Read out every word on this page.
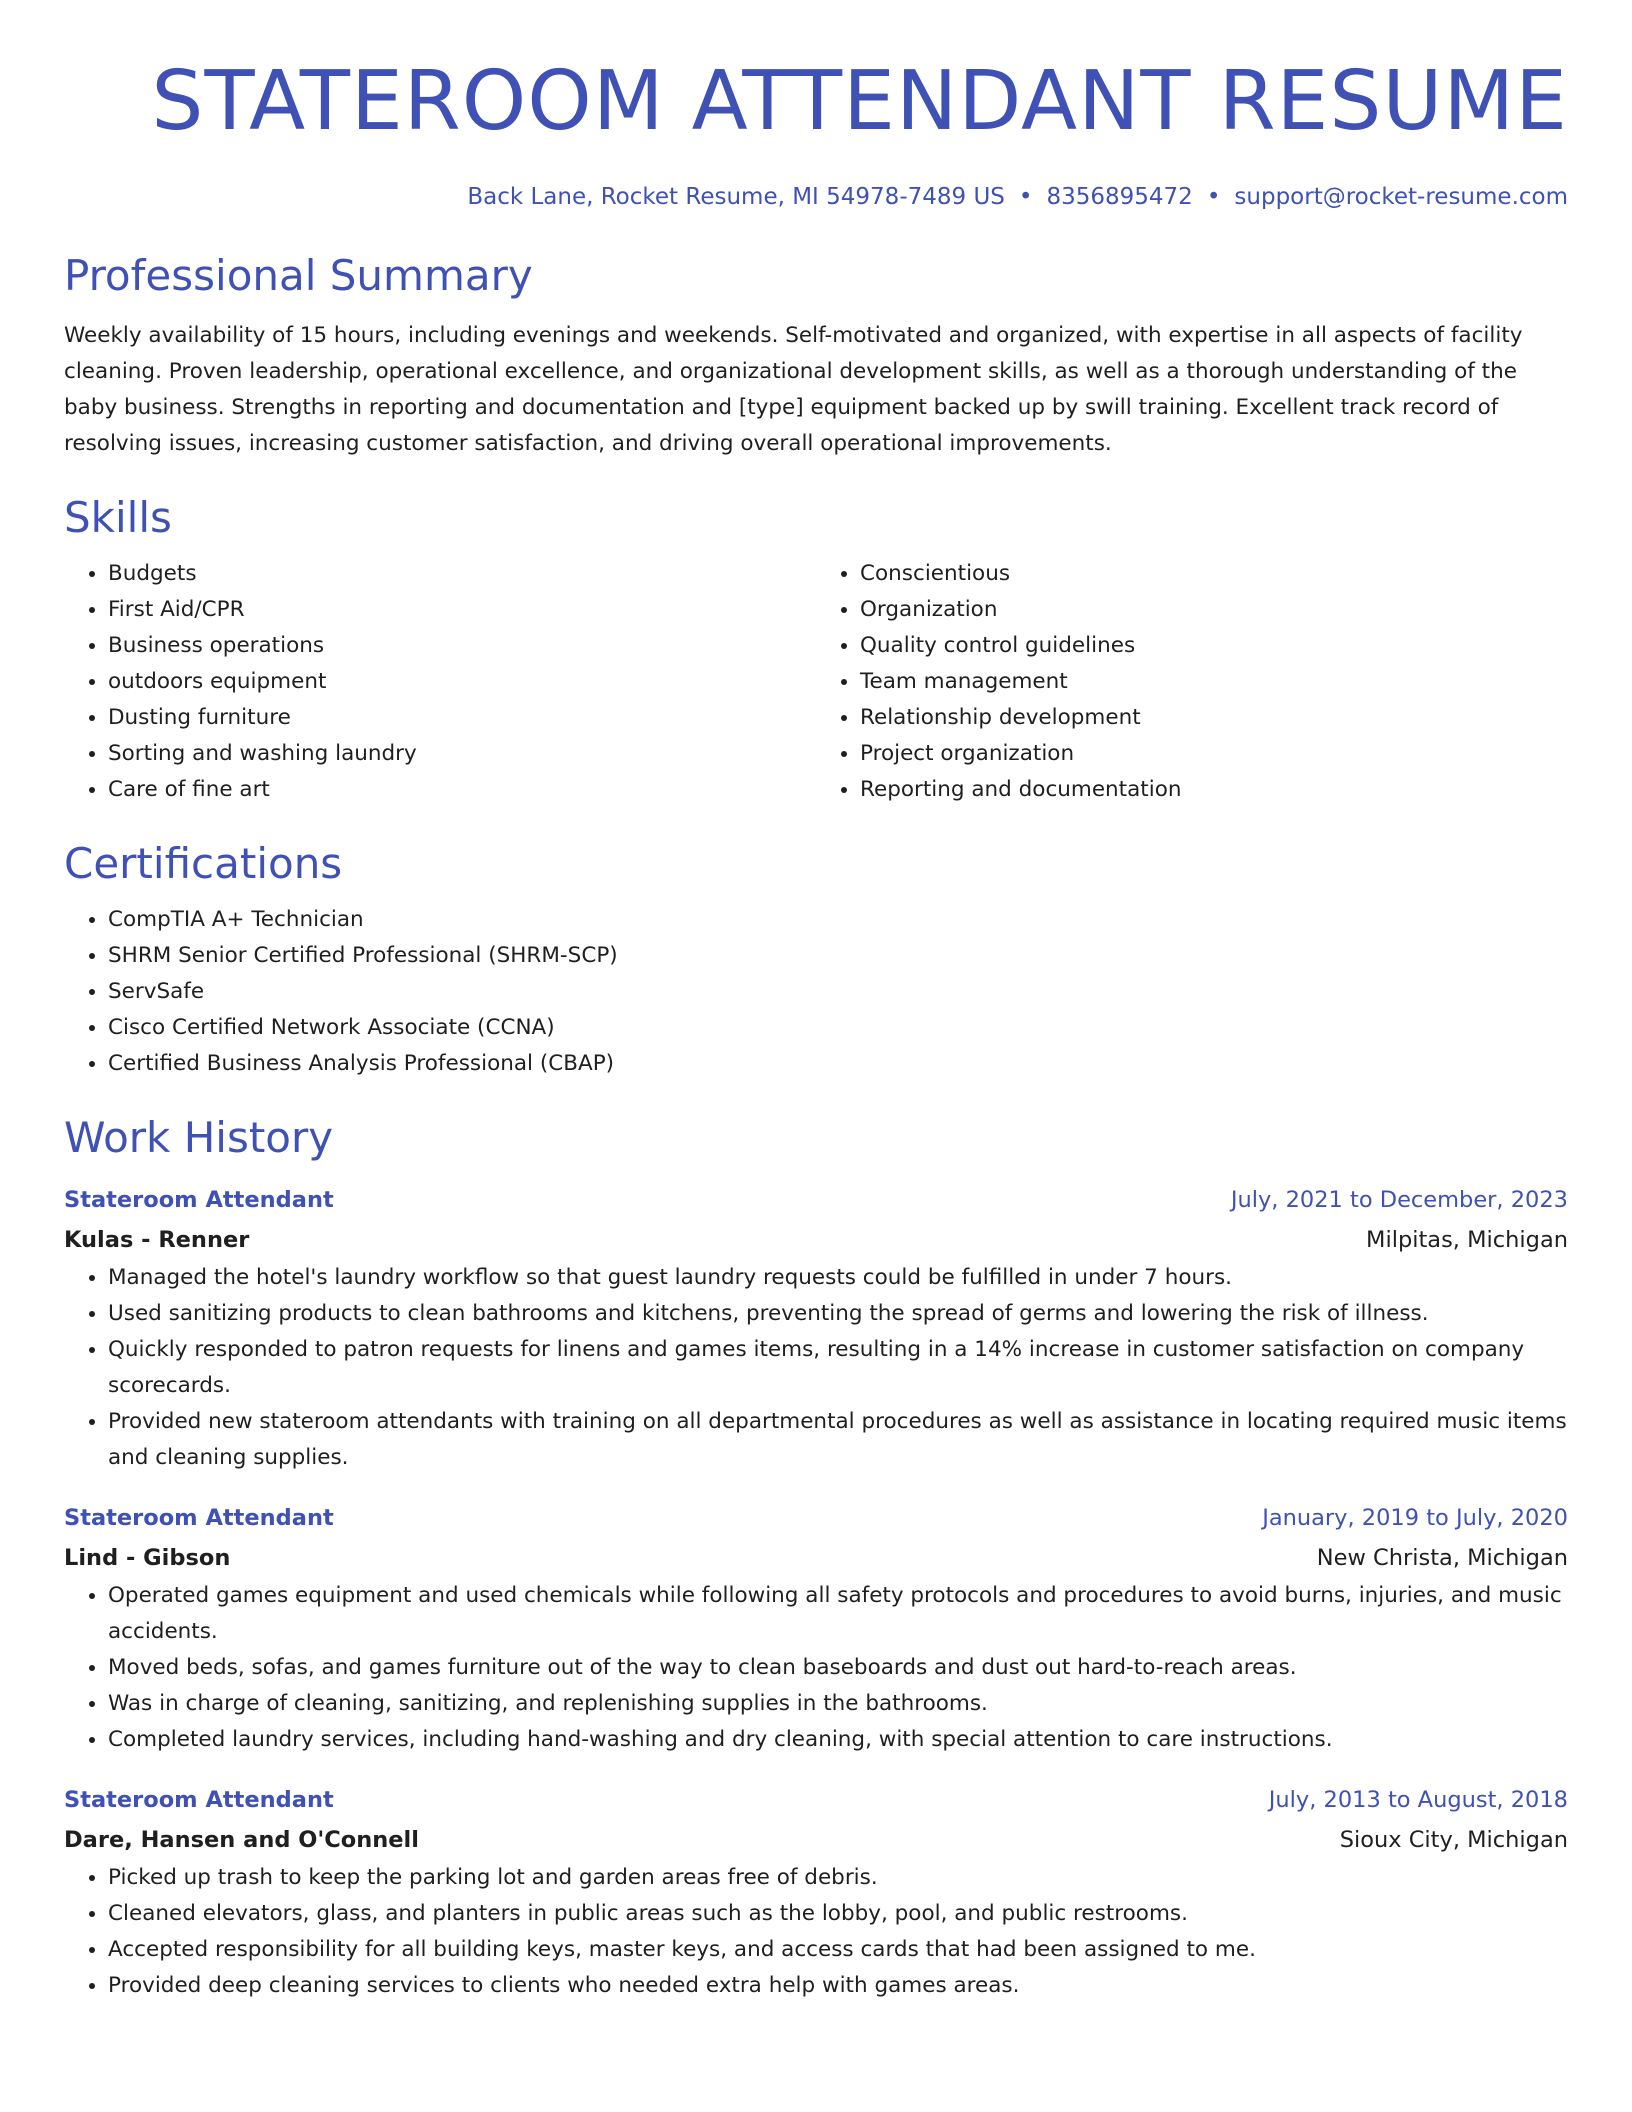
STATEROOM ATTENDANT RESUME
Back Lane, Rocket Resume, MI 54978-7489 US • 8356895472 • support@rocket-resume.com
Professional Summary

Weekly availability of 15 hours, including evenings and weekends. Self-motivated and organized, with expertise in all aspects of facility cleaning. Proven leadership, operational excellence, and organizational development skills, as well as a thorough understanding of the baby business. Strengths in reporting and documentation and [type] equipment backed up by swill training. Excellent track record of resolving issues, increasing customer satisfaction, and driving overall operational improvements.

Skills
• Budgets
• First Aid/CPR
• Business operations
• outdoors equipment
• Dusting furniture
• Sorting and washing laundry
• Care of fine art
• Conscientious
• Organization
• Quality control guidelines
• Team management
• Relationship development
• Project organization
• Reporting and documentation
Certifications
• CompTIA A+ Technician
• SHRM Senior Certified Professional (SHRM-SCP)
• ServSafe
• Cisco Certified Network Associate (CCNA)
• Certified Business Analysis Professional (CBAP)
Work History
Stateroom Attendant	July, 2021 to December, 2023
Kulas - Renner	Milpitas, Michigan
• Managed the hotel's laundry workflow so that guest laundry requests could be fulfilled in under 7 hours.
• Used sanitizing products to clean bathrooms and kitchens, preventing the spread of germs and lowering the risk of illness.
• Quickly responded to patron requests for linens and games items, resulting in a 14% increase in customer satisfaction on company scorecards.
• Provided new stateroom attendants with training on all departmental procedures as well as assistance in locating required music items and cleaning supplies.
Stateroom Attendant	January, 2019 to July, 2020
Lind - Gibson	New Christa, Michigan
• Operated games equipment and used chemicals while following all safety protocols and procedures to avoid burns, injuries, and music accidents.
• Moved beds, sofas, and games furniture out of the way to clean baseboards and dust out hard-to-reach areas.
• Was in charge of cleaning, sanitizing, and replenishing supplies in the bathrooms.
• Completed laundry services, including hand-washing and dry cleaning, with special attention to care instructions.
Stateroom Attendant	July, 2013 to August, 2018
Dare, Hansen and O'Connell	Sioux City, Michigan
• Picked up trash to keep the parking lot and garden areas free of debris.
• Cleaned elevators, glass, and planters in public areas such as the lobby, pool, and public restrooms.
• Accepted responsibility for all building keys, master keys, and access cards that had been assigned to me.
• Provided deep cleaning services to clients who needed extra help with games areas.
